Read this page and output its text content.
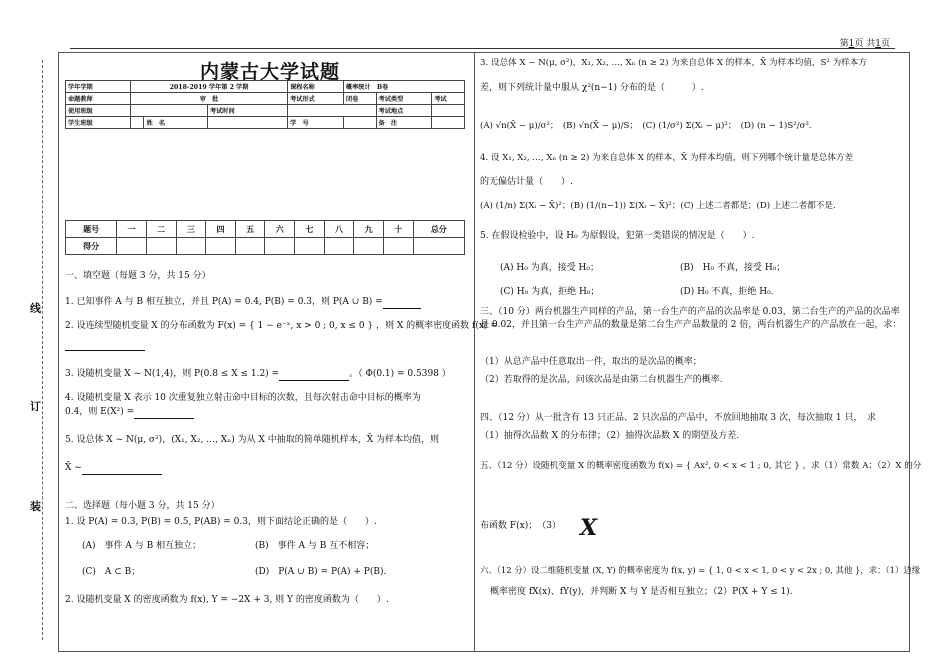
第1页 共1页
线
订
装
内蒙古大学试题
学年学期	2018-2019 学年第 2 学期			课程名称	概率统计　B卷		
命题教师	审　批			考试形式	闭卷	考试类型	考试
使用班级			考试时间			考试地点	
学生班级		姓　名		学　号		备　注	
题号	一	二	三	四	五	六	七	八	九	十	总分
得分											
一、填空题（每题 3 分，共 15 分）
1. 已知事件 A 与 B 相互独立，并且 P(A) = 0.4, P(B) = 0.3，则 P(A ∪ B) =
2. 设连续型随机变量 X 的分布函数为 F(x) = { 1 − e⁻ˣ, x > 0 ; 0, x ≤ 0 } ，则 X 的概率密度函数 f(x) =
3. 设随机变量 X ~ N(1,4)，则 P(0.8 ≤ X ≤ 1.2) =	。（ Φ(0.1) = 0.5398 ）
4. 设随机变量 X 表示 10 次重复独立射击命中目标的次数，且每次射击命中目标的概率为
0.4，则 E(X²) =
5. 设总体 X ~ N(μ, σ²)，(X₁, X₂, …, Xₙ) 为从 X 中抽取的简单随机样本，X̄ 为样本均值，则
X̄ ~
二、选择题（每小题 3 分，共 15 分）
1. 设 P(A) = 0.3, P(B) = 0.5, P(AB) = 0.3，则下面结论正确的是（　　）.
(A)　事件 A 与 B 相互独立；	(B)　事件 A 与 B 互不相容；
(C)　A ⊂ B；	(D)　P(A ∪ B) = P(A) + P(B).
2. 设随机变量 X 的密度函数为 f(x), Y = −2X + 3, 则 Y 的密度函数为（　　）.
3. 设总体 X ~ N(μ, σ²)，X₁, X₂, …, Xₙ (n ≥ 2) 为来自总体 X 的样本，X̄ 为样本均值，S² 为样本方
差，则下列统计量中服从 χ²(n−1) 分布的是（　　　）.
(A) √n(X̄ − μ)/σ²；　(B) √n(X̄ − μ)/S；　(C) (1/σ²) Σ(Xᵢ − μ)²；　(D) (n − 1)S²/σ².
4. 设 X₁, X₂, …, Xₙ (n ≥ 2) 为来自总体 X 的样本，X̄ 为样本均值，则下列哪个统计量是总体方差
的无偏估计量（　　）.
(A) (1/n) Σ(Xᵢ − X̄)²；(B) (1/(n−1)) Σ(Xᵢ − X̄)²；(C) 上述二者都是；(D) 上述二者都不是.
5. 在假设检验中，设 H₀ 为原假设，犯第一类错误的情况是（　　）.
(A) H₀ 为真，接受 H₀；	(B)　H₀ 不真，接受 H₀；
(C) H₀ 为真，拒绝 H₀；	(D) H₀ 不真，拒绝 H₀.
三、（10 分）两台机器生产同样的产品，第一台生产的产品的次品率是 0.03，第二台生产的产品的次品率是 0.02，并且第一台生产产品的数量是第二台生产产品数量的 2 倍，两台机器生产的产品放在一起，求：
（1）从总产品中任意取出一件，取出的是次品的概率；
（2）若取得的是次品，问该次品是由第二台机器生产的概率.
四、（12 分）从一批含有 13 只正品、2 只次品的产品中，不放回地抽取 3 次，每次抽取 1 只，　求
（1）抽得次品数 X 的分布律；（2）抽得次品数 X 的期望及方差.
五、（12 分）设随机变量 X 的概率密度函数为 f(x) = { Ax², 0 < x < 1 ; 0, 其它 } ，求（1）常数 A；（2）X 的分
布函数 F(x)；　（3） X
六、（12 分）设二维随机变量 (X, Y) 的概率密度为 f(x, y) = { 1, 0 < x < 1, 0 < y < 2x ; 0, 其他 }，求：（1）边缘
概率密度 fX(x)、fY(y)，并判断 X 与 Y 是否相互独立；（2）P(X + Y ≤ 1).
